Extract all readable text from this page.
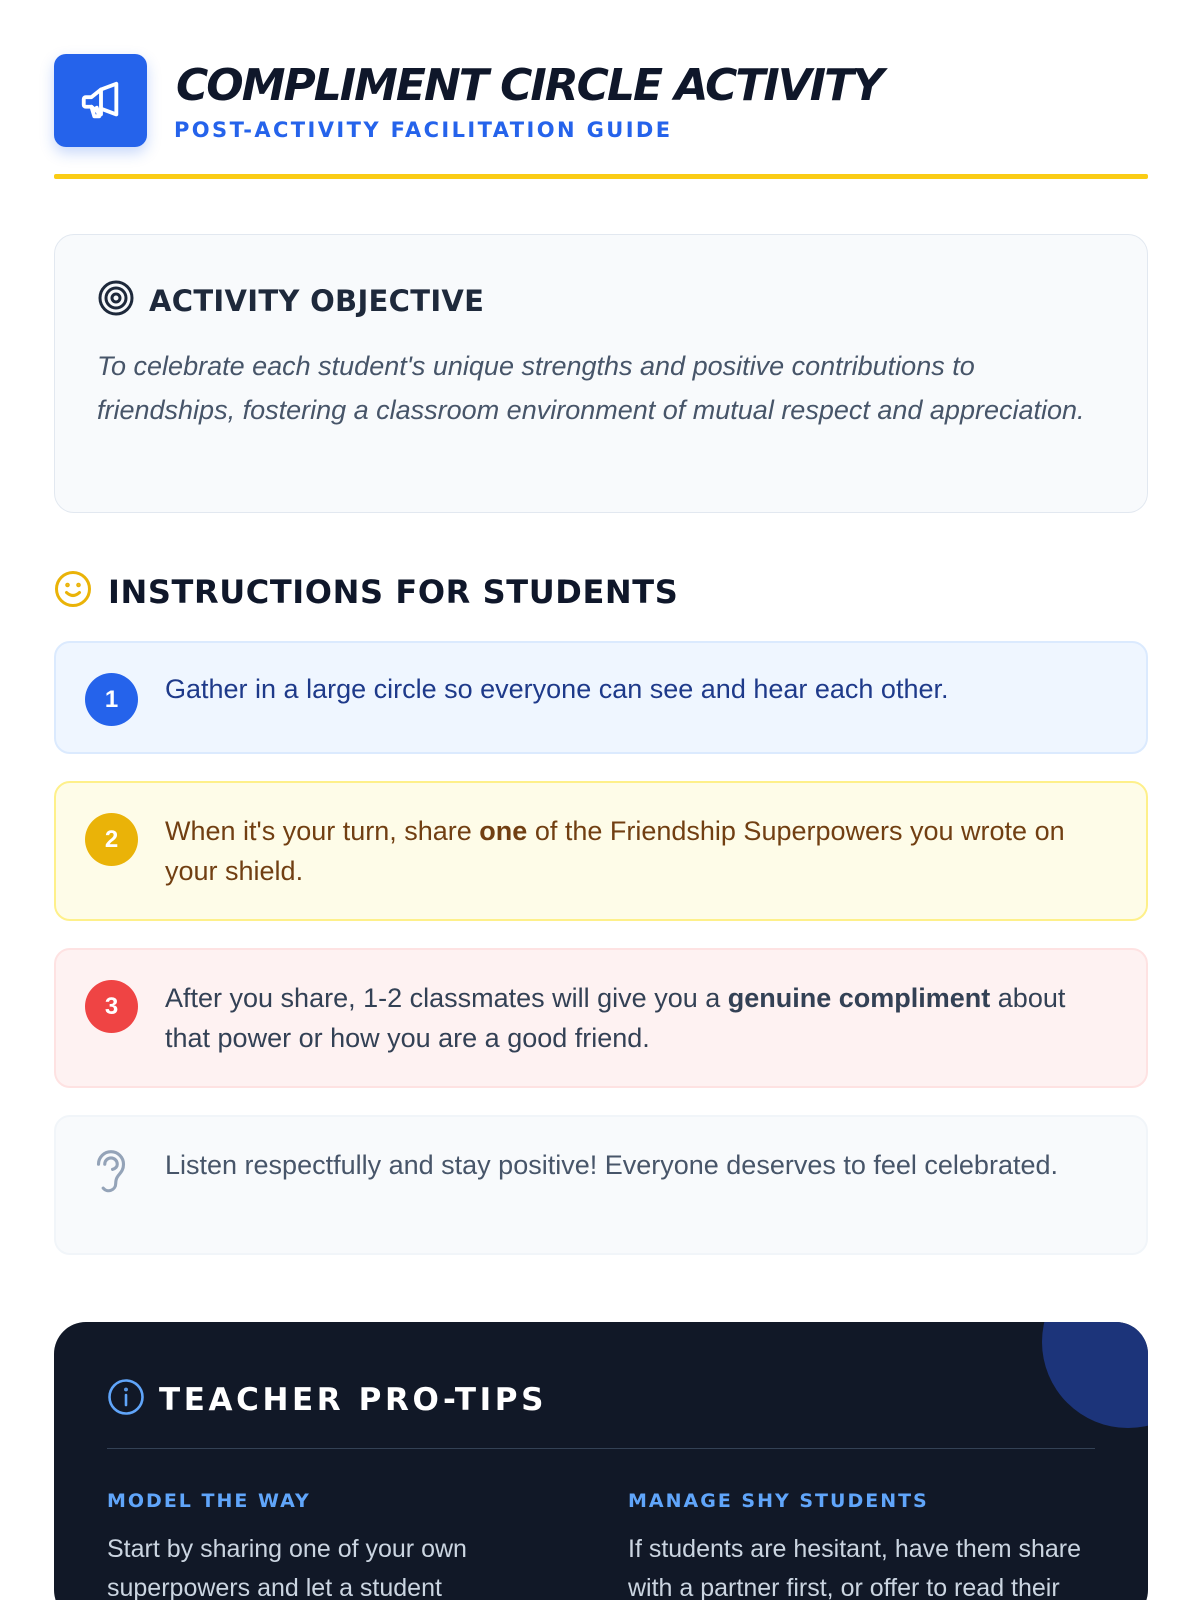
COMPLIMENT CIRCLE ACTIVITY
POST-ACTIVITY FACILITATION GUIDE
ACTIVITY OBJECTIVE
To celebrate each student's unique strengths and positive contributions to friendships, fostering a classroom environment of mutual respect and appreciation.
INSTRUCTIONS FOR STUDENTS
1	Gather in a large circle so everyone can see and hear each other.
2	When it's your turn, share one of the Friendship Superpowers you wrote on your shield.
3	After you share, 1-2 classmates will give you a genuine compliment about that power or how you are a good friend.
Listen respectfully and stay positive! Everyone deserves to feel celebrated.
TEACHER PRO-TIPS
MODEL THE WAY
Start by sharing one of your own superpowers and let a student
MANAGE SHY STUDENTS
If students are hesitant, have them share with a partner first, or offer to read their
